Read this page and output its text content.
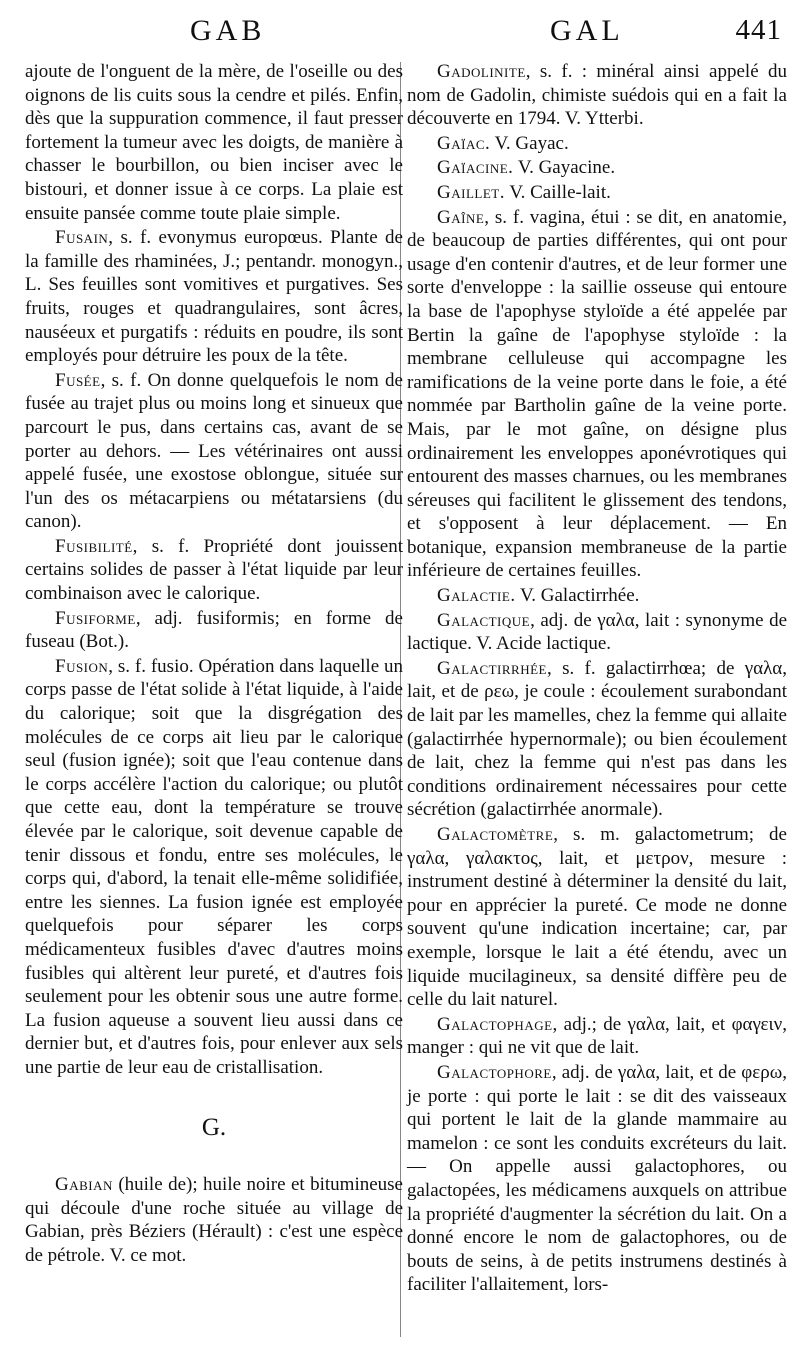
GAB	GAL	441

ajoute de l'onguent de la mère, de l'oseille ou des oignons de lis cuits sous la cendre et pilés. Enfin, dès que la suppuration commence, il faut presser fortement la tumeur avec les doigts, de manière à chasser le bourbillon, ou bien inciser avec le bistouri, et donner issue à ce corps. La plaie est ensuite pansée comme toute plaie simple.

Fusain, s. f. evonymus europœus. Plante de la famille des rhaminées, J.; pentandr. monogyn., L. Ses feuilles sont vomitives et purgatives. Ses fruits, rouges et quadrangulaires, sont âcres, nauséeux et purgatifs : réduits en poudre, ils sont employés pour détruire les poux de la tête.

Fusée, s. f. On donne quelquefois le nom de fusée au trajet plus ou moins long et sinueux que parcourt le pus, dans certains cas, avant de se porter au dehors. — Les vétérinaires ont aussi appelé fusée, une exostose oblongue, située sur l'un des os métacarpiens ou métatarsiens (du canon).

Fusibilité, s. f. Propriété dont jouissent certains solides de passer à l'état liquide par leur combinaison avec le calorique.

Fusiforme, adj. fusiformis; en forme de fuseau (Bot.).

Fusion, s. f. fusio. Opération dans laquelle un corps passe de l'état solide à l'état liquide, à l'aide du calorique; soit que la disgrégation des molécules de ce corps ait lieu par le calorique seul (fusion ignée); soit que l'eau contenue dans le corps accélère l'action du calorique; ou plutôt que cette eau, dont la température se trouve élevée par le calorique, soit devenue capable de tenir dissous et fondu, entre ses molécules, le corps qui, d'abord, la tenait elle-même solidifiée, entre les siennes. La fusion ignée est employée quelquefois pour séparer les corps médicamenteux fusibles d'avec d'autres moins fusibles qui altèrent leur pureté, et d'autres fois seulement pour les obtenir sous une autre forme. La fusion aqueuse a souvent lieu aussi dans ce dernier but, et d'autres fois, pour enlever aux sels une partie de leur eau de cristallisation.

G.

Gabian (huile de); huile noire et bitumineuse qui découle d'une roche située au village de Gabian, près Béziers (Hérault) : c'est une espèce de pétrole. V. ce mot.

Gadolinite, s. f. : minéral ainsi appelé du nom de Gadolin, chimiste suédois qui en a fait la découverte en 1794. V. Ytterbi.

Gaïac. V. Gayac.

Gaïacine. V. Gayacine.

Gaillet. V. Caille-lait.

Gaîne, s. f. vagina, étui : se dit, en anatomie, de beaucoup de parties différentes, qui ont pour usage d'en contenir d'autres, et de leur former une sorte d'enveloppe : la saillie osseuse qui entoure la base de l'apophyse styloïde a été appelée par Bertin la gaîne de l'apophyse styloïde : la membrane celluleuse qui accompagne les ramifications de la veine porte dans le foie, a été nommée par Bartholin gaîne de la veine porte. Mais, par le mot gaîne, on désigne plus ordinairement les enveloppes aponévrotiques qui entourent des masses charnues, ou les membranes séreuses qui facilitent le glissement des tendons, et s'opposent à leur déplacement. — En botanique, expansion membraneuse de la partie inférieure de certaines feuilles.

Galactie. V. Galactirrhée.

Galactique, adj. de γαλα, lait : synonyme de lactique. V. Acide lactique.

Galactirrhée, s. f. galactirrhœa; de γαλα, lait, et de ρεω, je coule : écoulement surabondant de lait par les mamelles, chez la femme qui allaite (galactirrhée hypernormale); ou bien écoulement de lait, chez la femme qui n'est pas dans les conditions ordinairement nécessaires pour cette sécrétion (galactirrhée anormale).

Galactomètre, s. m. galactometrum; de γαλα, γαλακτος, lait, et μετρον, mesure : instrument destiné à déterminer la densité du lait, pour en apprécier la pureté. Ce mode ne donne souvent qu'une indication incertaine; car, par exemple, lorsque le lait a été étendu, avec un liquide mucilagineux, sa densité diffère peu de celle du lait naturel.

Galactophage, adj.; de γαλα, lait, et φαγειν, manger : qui ne vit que de lait.

Galactophore, adj. de γαλα, lait, et de φερω, je porte : qui porte le lait : se dit des vaisseaux qui portent le lait de la glande mammaire au mamelon : ce sont les conduits excréteurs du lait. — On appelle aussi galactophores, ou galactopées, les médicamens auxquels on attribue la propriété d'augmenter la sécrétion du lait. On a donné encore le nom de galactophores, ou de bouts de seins, à de petits instrumens destinés à faciliter l'allaitement, lors-
